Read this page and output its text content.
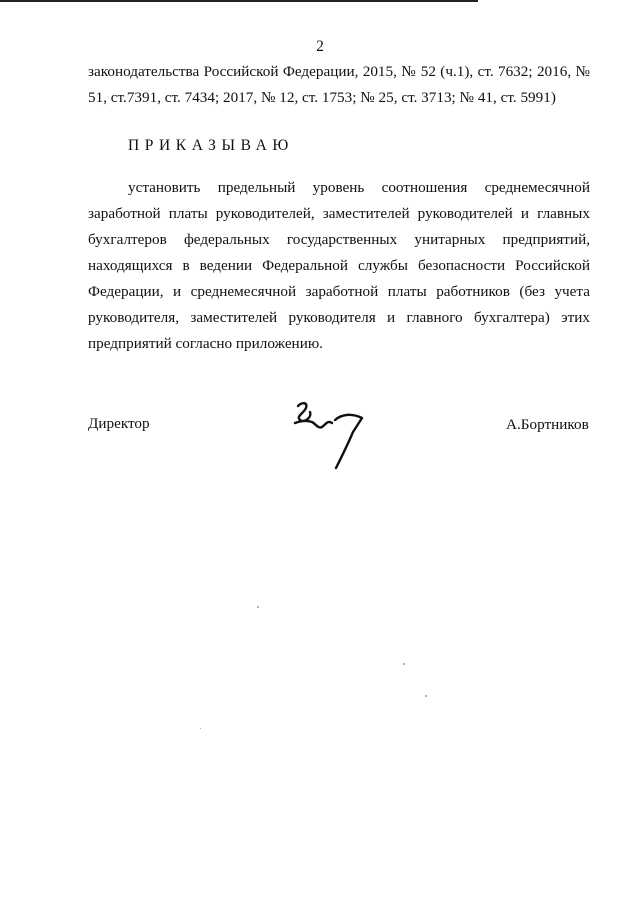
2
законодательства Российской Федерации, 2015, № 52 (ч.1), ст. 7632; 2016, № 51, ст.7391, ст. 7434; 2017, № 12, ст. 1753; № 25, ст. 3713; № 41, ст. 5991)
ПРИКАЗЫВАЮ
установить предельный уровень соотношения среднемесячной заработной платы руководителей, заместителей руководителей и главных бухгалтеров федеральных государственных унитарных предприятий, находящихся в ведении Федеральной службы безопасности Российской Федерации, и среднемесячной заработной платы работников (без учета руководителя, заместителей руководителя и главного бухгалтера) этих предприятий согласно приложению.
Директор	А.Бортников
